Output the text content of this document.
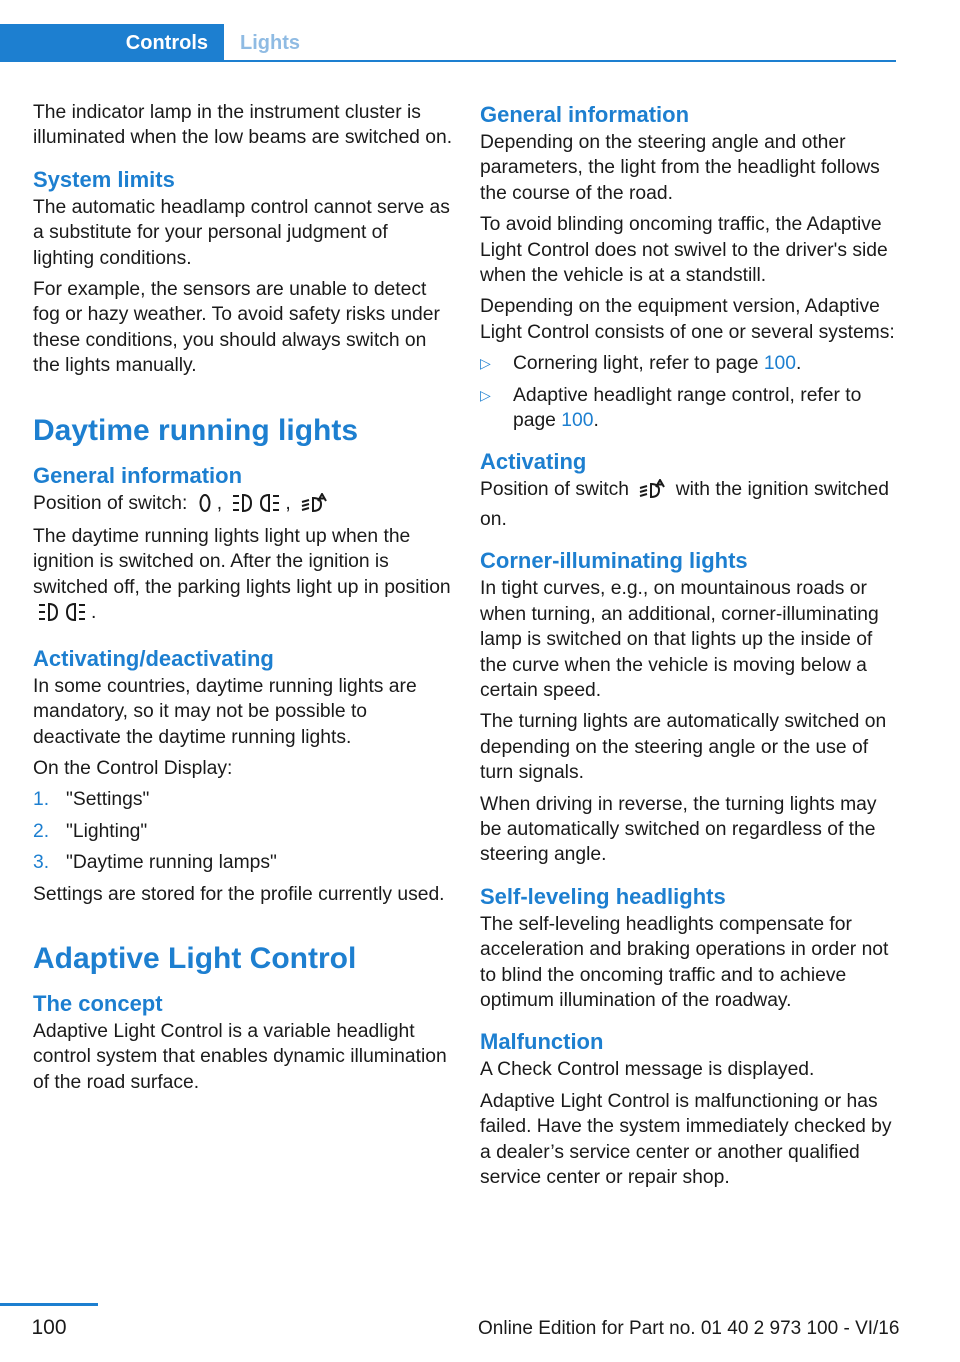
Controls	Lights

The indicator lamp in the instrument cluster is illuminated when the low beams are switched on.

System limits

The automatic headlamp control cannot serve as a substitute for your personal judgment of lighting conditions.

For example, the sensors are unable to detect fog or hazy weather. To avoid safety risks under these conditions, you should always switch on the lights manually.

Daytime running lights
General information

Position of switch: ,	,

The daytime running lights light up when the ignition is switched on. After the ignition is switched off, the parking lights light up in position .

Activating/deactivating

In some countries, daytime running lights are mandatory, so it may not be possible to deactivate the daytime running lights.

On the Control Display:

1. "Settings"
2. "Lighting"
3. "Daytime running lamps"

Settings are stored for the profile currently used.

Adaptive Light Control
The concept

Adaptive Light Control is a variable headlight control system that enables dynamic illumination of the road surface.

General information

Depending on the steering angle and other parameters, the light from the headlight follows the course of the road.

To avoid blinding oncoming traffic, the Adaptive Light Control does not swivel to the driver's side when the vehicle is at a standstill.

Depending on the equipment version, Adaptive Light Control consists of one or several systems:

▷	Cornering light, refer to page 100.
▷	Adaptive headlight range control, refer to page 100.
Activating

Position of switch with the ignition switched on.

Corner-illuminating lights

In tight curves, e.g., on mountainous roads or when turning, an additional, corner-illuminating lamp is switched on that lights up the inside of the curve when the vehicle is moving below a certain speed.

The turning lights are automatically switched on depending on the steering angle or the use of turn signals.

When driving in reverse, the turning lights may be automatically switched on regardless of the steering angle.

Self-leveling headlights

The self-leveling headlights compensate for acceleration and braking operations in order not to blind the oncoming traffic and to achieve optimum illumination of the roadway.

Malfunction

A Check Control message is displayed.

Adaptive Light Control is malfunctioning or has failed. Have the system immediately checked by a dealer’s service center or another qualified service center or repair shop.

100	Online Edition for Part no. 01 40 2 973 100 - VI/16
